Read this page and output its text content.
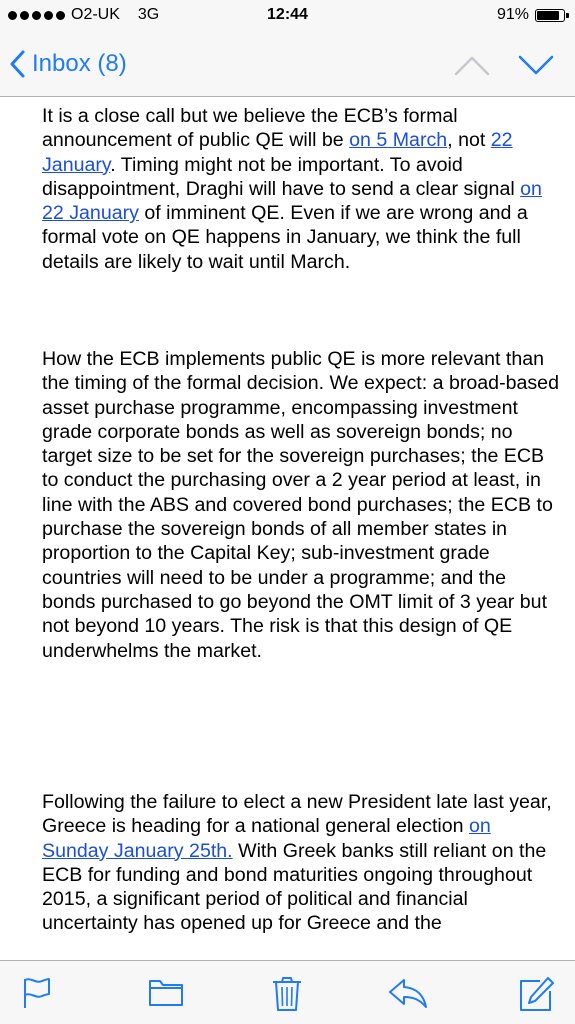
O2-UK 3G	12:44	91%
Inbox (8)

It is a close call but we believe the ECB’s formal announcement of public QE will be on 5 March, not 22 January. Timing might not be important. To avoid disappointment, Draghi will have to send a clear signal on 22 January of imminent QE. Even if we are wrong and a formal vote on QE happens in January, we think the full details are likely to wait until March.

How the ECB implements public QE is more relevant than the timing of the formal decision. We expect: a broad-based asset purchase programme, encompassing investment grade corporate bonds as well as sovereign bonds; no target size to be set for the sovereign purchases; the ECB to conduct the purchasing over a 2 year period at least, in line with the ABS and covered bond purchases; the ECB to purchase the sovereign bonds of all member states in proportion to the Capital Key; sub-investment grade countries will need to be under a programme; and the bonds purchased to go beyond the OMT limit of 3 year but not beyond 10 years. The risk is that this design of QE underwhelms the market.

Following the failure to elect a new President late last year, Greece is heading for a national general election on Sunday January 25th. With Greek banks still reliant on the ECB for funding and bond maturities ongoing throughout 2015, a significant period of political and financial uncertainty has opened up for Greece and the
